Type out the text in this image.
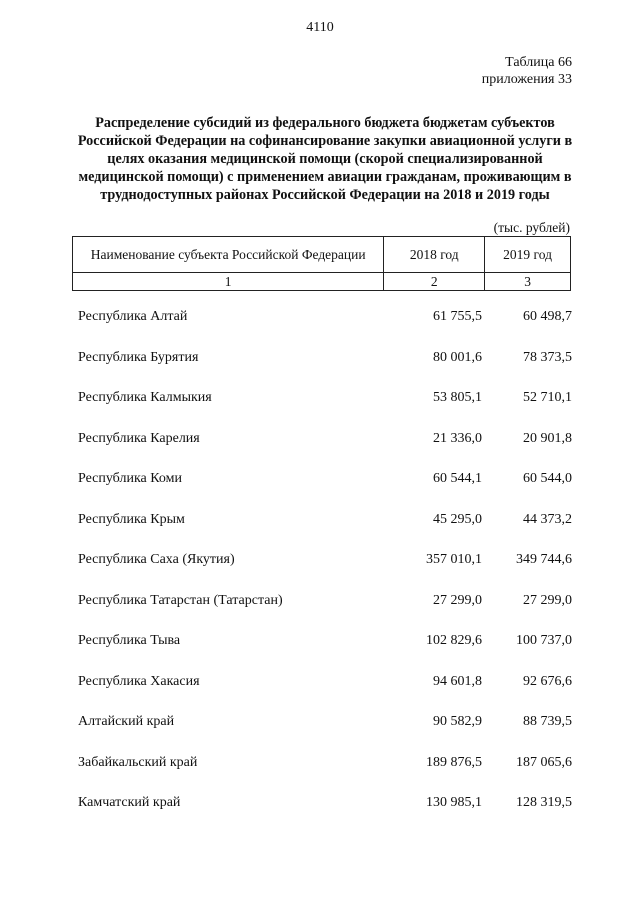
4110
Таблица 66
приложения 33
Распределение субсидий из федерального бюджета бюджетам субъектов Российской Федерации на софинансирование закупки авиационной услуги в целях оказания медицинской помощи (скорой специализированной медицинской помощи) с применением авиации гражданам, проживающим в труднодоступных районах Российской Федерации на 2018 и 2019 годы
(тыс. рублей)
Наименование субъекта Российской Федерации	2018 год	2019 год
1	2	3
Республика Алтай	61 755,5	60 498,7
Республика Бурятия	80 001,6	78 373,5
Республика Калмыкия	53 805,1	52 710,1
Республика Карелия	21 336,0	20 901,8
Республика Коми	60 544,1	60 544,0
Республика Крым	45 295,0	44 373,2
Республика Саха (Якутия)	357 010,1	349 744,6
Республика Татарстан (Татарстан)	27 299,0	27 299,0
Республика Тыва	102 829,6	100 737,0
Республика Хакасия	94 601,8	92 676,6
Алтайский край	90 582,9	88 739,5
Забайкальский край	189 876,5	187 065,6
Камчатский край	130 985,1	128 319,5
